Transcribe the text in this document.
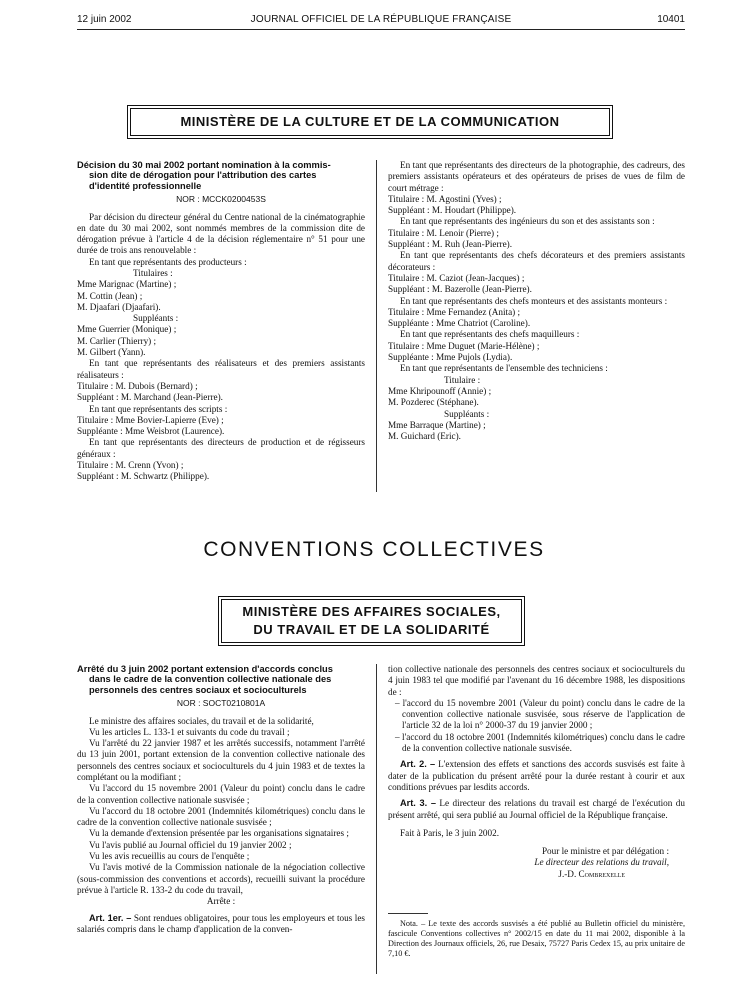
12 juin 2002	JOURNAL OFFICIEL DE LA RÉPUBLIQUE FRANÇAISE	10401
MINISTÈRE DE LA CULTURE ET DE LA COMMUNICATION
Décision du 30 mai 2002 portant nomination à la commis-
sion dite de dérogation pour l'attribution des cartes
d'identité professionnelle

NOR : MCCK0200453S

Par décision du directeur général du Centre national de la cinématographie en date du 30 mai 2002, sont nommés membres de la commission dite de dérogation prévue à l'article 4 de la décision réglementaire n° 51 pour une durée de trois ans renouvelable :

En tant que représentants des producteurs :

Titulaires :

Mme Marignac (Martine) ;

M. Cottin (Jean) ;

M. Djaafari (Djaafari).

Suppléants :

Mme Guerrier (Monique) ;

M. Carlier (Thierry) ;

M. Gilbert (Yann).

En tant que représentants des réalisateurs et des premiers assistants réalisateurs :

Titulaire : M. Dubois (Bernard) ;

Suppléant : M. Marchand (Jean-Pierre).

En tant que représentants des scripts :

Titulaire : Mme Bovier-Lapierre (Eve) ;

Suppléante : Mme Weisbrot (Laurence).

En tant que représentants des directeurs de production et de régisseurs généraux :

Titulaire : M. Crenn (Yvon) ;

Suppléant : M. Schwartz (Philippe).

En tant que représentants des directeurs de la photographie, des cadreurs, des premiers assistants opérateurs et des opérateurs de prises de vues de film de court métrage :

Titulaire : M. Agostini (Yves) ;

Suppléant : M. Houdart (Philippe).

En tant que représentants des ingénieurs du son et des assistants son :

Titulaire : M. Lenoir (Pierre) ;

Suppléant : M. Ruh (Jean-Pierre).

En tant que représentants des chefs décorateurs et des premiers assistants décorateurs :

Titulaire : M. Caziot (Jean-Jacques) ;

Suppléant : M. Bazerolle (Jean-Pierre).

En tant que représentants des chefs monteurs et des assistants monteurs :

Titulaire : Mme Fernandez (Anita) ;

Suppléante : Mme Chatriot (Caroline).

En tant que représentants des chefs maquilleurs :

Titulaire : Mme Duguet (Marie-Hélène) ;

Suppléante : Mme Pujols (Lydia).

En tant que représentants de l'ensemble des techniciens :

Titulaire :

Mme Khripounoff (Annie) ;

M. Pozderec (Stéphane).

Suppléants :

Mme Barraque (Martine) ;

M. Guichard (Eric).

CONVENTIONS COLLECTIVES
MINISTÈRE DES AFFAIRES SOCIALES,
DU TRAVAIL ET DE LA SOLIDARITÉ
Arrêté du 3 juin 2002 portant extension d'accords conclus
dans le cadre de la convention collective nationale des
personnels des centres sociaux et socioculturels

NOR : SOCT0210801A

Le ministre des affaires sociales, du travail et de la solidarité,

Vu les articles L. 133-1 et suivants du code du travail ;

Vu l'arrêté du 22 janvier 1987 et les arrêtés successifs, notamment l'arrêté du 13 juin 2001, portant extension de la convention collective nationale des personnels des centres sociaux et socioculturels du 4 juin 1983 et de textes la complétant ou la modifiant ;

Vu l'accord du 15 novembre 2001 (Valeur du point) conclu dans le cadre de la convention collective nationale susvisée ;

Vu l'accord du 18 octobre 2001 (Indemnités kilométriques) conclu dans le cadre de la convention collective nationale susvisée ;

Vu la demande d'extension présentée par les organisations signataires ;

Vu l'avis publié au Journal officiel du 19 janvier 2002 ;

Vu les avis recueillis au cours de l'enquête ;

Vu l'avis motivé de la Commission nationale de la négociation collective (sous-commission des conventions et accords), recueilli suivant la procédure prévue à l'article R. 133-2 du code du travail,

Arrête :

Art. 1er. – Sont rendues obligatoires, pour tous les employeurs et tous les salariés compris dans le champ d'application de la conven-

tion collective nationale des personnels des centres sociaux et socioculturels du 4 juin 1983 tel que modifié par l'avenant du 16 décembre 1988, les dispositions de :

– l'accord du 15 novembre 2001 (Valeur du point) conclu dans le cadre de la convention collective nationale susvisée, sous réserve de l'application de l'article 32 de la loi n° 2000-37 du 19 janvier 2000 ;

– l'accord du 18 octobre 2001 (Indemnités kilométriques) conclu dans le cadre de la convention collective nationale susvisée.

Art. 2. – L'extension des effets et sanctions des accords susvisés est faite à dater de la publication du présent arrêté pour la durée restant à courir et aux conditions prévues par lesdits accords.

Art. 3. – Le directeur des relations du travail est chargé de l'exécution du présent arrêté, qui sera publié au Journal officiel de la République française.

Fait à Paris, le 3 juin 2002.

Pour le ministre et par délégation :

Le directeur des relations du travail,

J.-D. Combrexelle

Nota. – Le texte des accords susvisés a été publié au Bulletin officiel du ministère, fascicule Conventions collectives n° 2002/15 en date du 11 mai 2002, disponible à la Direction des Journaux officiels, 26, rue Desaix, 75727 Paris Cedex 15, au prix unitaire de 7,10 €.
